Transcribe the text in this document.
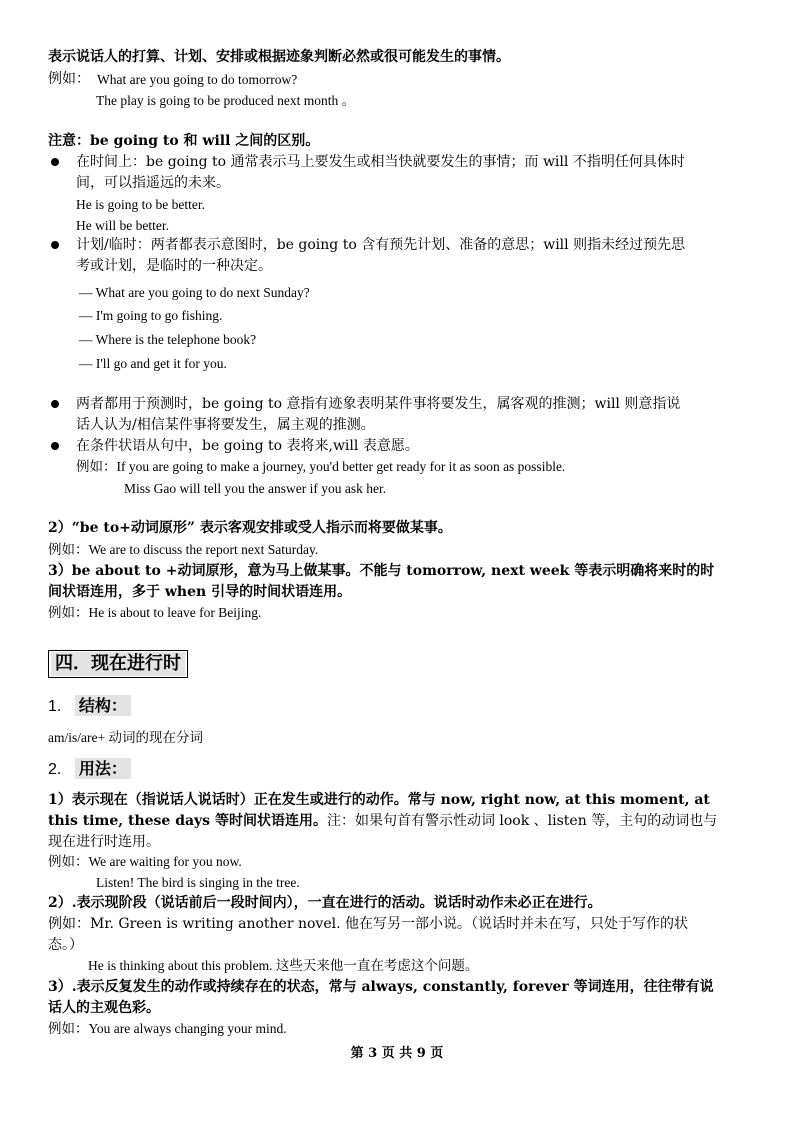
表示说话人的打算、计划、安排或根据迹象判断必然或很可能发生的事情。
例如： What are you going to do tomorrow?
The play is going to be produced next month 。
注意：be going to 和 will 之间的区别。
在时间上：be going to 通常表示马上要发生或相当快就要发生的事情；而 will 不指明任何具体时
间，可以指遥远的未来。
He is going to be better.
He will be better.
计划/临时：两者都表示意图时，be going to 含有预先计划、准备的意思；will 则指未经过预先思
考或计划，是临时的一种决定。
— What are you going to do next Sunday?
— I'm going to go fishing.
— Where is the telephone book?
— I'll go and get it for you.
两者都用于预测时，be going to 意指有迹象表明某件事将要发生，属客观的推测；will 则意指说
话人认为/相信某件事将要发生，属主观的推测。
在条件状语从句中，be going to 表将来,will 表意愿。
例如：If you are going to make a journey, you'd better get ready for it as soon as possible.
Miss Gao will tell you the answer if you ask her.
2）“be to+动词原形” 表示客观安排或受人指示而将要做某事。
例如：We are to discuss the report next Saturday.
3）be about to +动词原形，意为马上做某事。不能与 tomorrow, next week 等表示明确将来时的时
间状语连用，多于 when 引导的时间状语连用。
例如：He is about to leave for Beijing.
四．现在进行时
1. 结构：
am/is/are+ 动词的现在分词
2. 用法：
1）表示现在（指说话人说话时）正在发生或进行的动作。常与 now, right now, at this moment, at
this time, these days 等时间状语连用。注：如果句首有警示性动词 look 、listen 等，主句的动词也与
现在进行时连用。
例如：We are waiting for you now.
Listen! The bird is singing in the tree.
2）.表示现阶段（说话前后一段时间内），一直在进行的活动。说话时动作未必正在进行。
例如：Mr. Green is writing another novel. 他在写另一部小说。（说话时并未在写，只处于写作的状
态。）
He is thinking about this problem. 这些天来他一直在考虑这个问题。
3）.表示反复发生的动作或持续存在的状态，常与 always, constantly, forever 等词连用，往往带有说
话人的主观色彩。
例如：You are always changing your mind.
第 3 页 共 9 页
